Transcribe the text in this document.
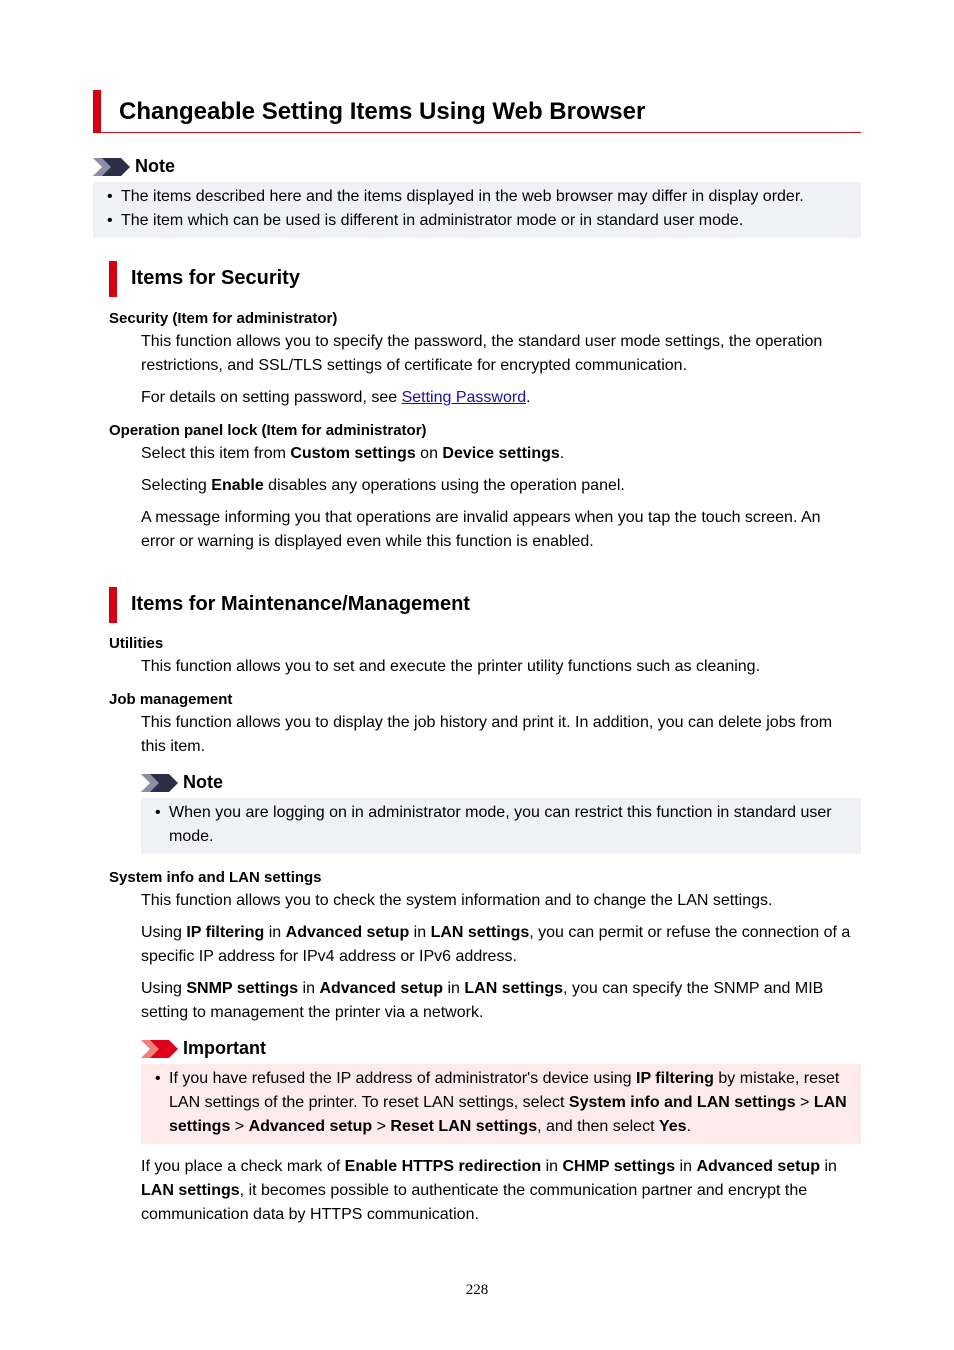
Changeable Setting Items Using Web Browser
Note
• The items described here and the items displayed in the web browser may differ in display order.
• The item which can be used is different in administrator mode or in standard user mode.
Items for Security
Security (Item for administrator)
This function allows you to specify the password, the standard user mode settings, the operation restrictions, and SSL/TLS settings of certificate for encrypted communication.
For details on setting password, see Setting Password.
Operation panel lock (Item for administrator)
Select this item from Custom settings on Device settings.
Selecting Enable disables any operations using the operation panel.
A message informing you that operations are invalid appears when you tap the touch screen. An error or warning is displayed even while this function is enabled.
Items for Maintenance/Management
Utilities
This function allows you to set and execute the printer utility functions such as cleaning.
Job management
This function allows you to display the job history and print it. In addition, you can delete jobs from this item.
Note
• When you are logging on in administrator mode, you can restrict this function in standard user mode.
System info and LAN settings
This function allows you to check the system information and to change the LAN settings.
Using IP filtering in Advanced setup in LAN settings, you can permit or refuse the connection of a specific IP address for IPv4 address or IPv6 address.
Using SNMP settings in Advanced setup in LAN settings, you can specify the SNMP and MIB setting to management the printer via a network.
Important
• If you have refused the IP address of administrator's device using IP filtering by mistake, reset LAN settings of the printer. To reset LAN settings, select System info and LAN settings > LAN settings > Advanced setup > Reset LAN settings, and then select Yes.
If you place a check mark of Enable HTTPS redirection in CHMP settings in Advanced setup in LAN settings, it becomes possible to authenticate the communication partner and encrypt the communication data by HTTPS communication.
228
